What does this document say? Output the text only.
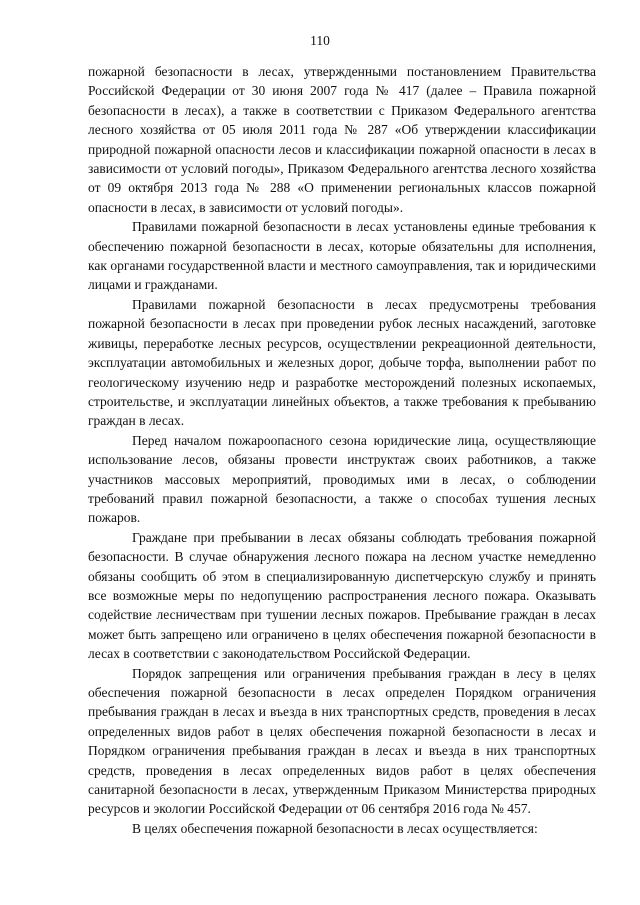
110

пожарной безопасности в лесах, утвержденными постановлением Правительства Российской Федерации от 30 июня 2007 года № 417 (далее – Правила пожарной безопасности в лесах), а также в соответствии с Приказом Федерального агентства лесного хозяйства от 05 июля 2011 года № 287 «Об утверждении классификации природной пожарной опасности лесов и классификации пожарной опасности в лесах в зависимости от условий погоды», Приказом Федерального агентства лесного хозяйства от 09 октября 2013 года № 288 «О применении региональных классов пожарной опасности в лесах, в зависимости от условий погоды».

Правилами пожарной безопасности в лесах установлены единые требования к обеспечению пожарной безопасности в лесах, которые обязательны для исполнения, как органами государственной власти и местного самоуправления, так и юридическими лицами и гражданами.

Правилами пожарной безопасности в лесах предусмотрены требования пожарной безопасности в лесах при проведении рубок лесных насаждений, заготовке живицы, переработке лесных ресурсов, осуществлении рекреационной деятельности, эксплуатации автомобильных и железных дорог, добыче торфа, выполнении работ по геологическому изучению недр и разработке месторождений полезных ископаемых, строительстве, и эксплуатации линейных объектов, а также требования к пребыванию граждан в лесах.

Перед началом пожароопасного сезона юридические лица, осуществляющие использование лесов, обязаны провести инструктаж своих работников, а также участников массовых мероприятий, проводимых ими в лесах, о соблюдении требований правил пожарной безопасности, а также о способах тушения лесных пожаров.

Граждане при пребывании в лесах обязаны соблюдать требования пожарной безопасности. В случае обнаружения лесного пожара на лесном участке немедленно обязаны сообщить об этом в специализированную диспетчерскую службу и принять все возможные меры по недопущению распространения лесного пожара. Оказывать содействие лесничествам при тушении лесных пожаров. Пребывание граждан в лесах может быть запрещено или ограничено в целях обеспечения пожарной безопасности в лесах в соответствии с законодательством Российской Федерации.

Порядок запрещения или ограничения пребывания граждан в лесу в целях обеспечения пожарной безопасности в лесах определен Порядком ограничения пребывания граждан в лесах и въезда в них транспортных средств, проведения в лесах определенных видов работ в целях обеспечения пожарной безопасности в лесах и Порядком ограничения пребывания граждан в лесах и въезда в них транспортных средств, проведения в лесах определенных видов работ в целях обеспечения санитарной безопасности в лесах, утвержденным Приказом Министерства природных ресурсов и экологии Российской Федерации от 06 сентября 2016 года № 457.

В целях обеспечения пожарной безопасности в лесах осуществляется:
